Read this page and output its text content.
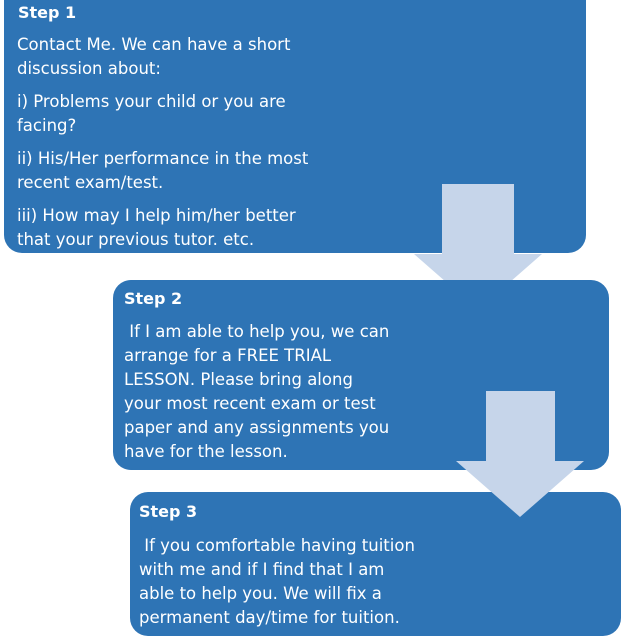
Step 1
Contact Me. We can have a short
discussion about:
i) Problems your child or you are
facing?
ii) His/Her performance in the most
recent exam/test.
iii) How may I help him/her better
that your previous tutor. etc.
Step 2
If I am able to help you, we can
arrange for a FREE TRIAL
LESSON. Please bring along
your most recent exam or test
paper and any assignments you
have for the lesson.
Step 3
If you comfortable having tuition
with me and if I find that I am
able to help you. We will fix a
permanent day/time for tuition.
